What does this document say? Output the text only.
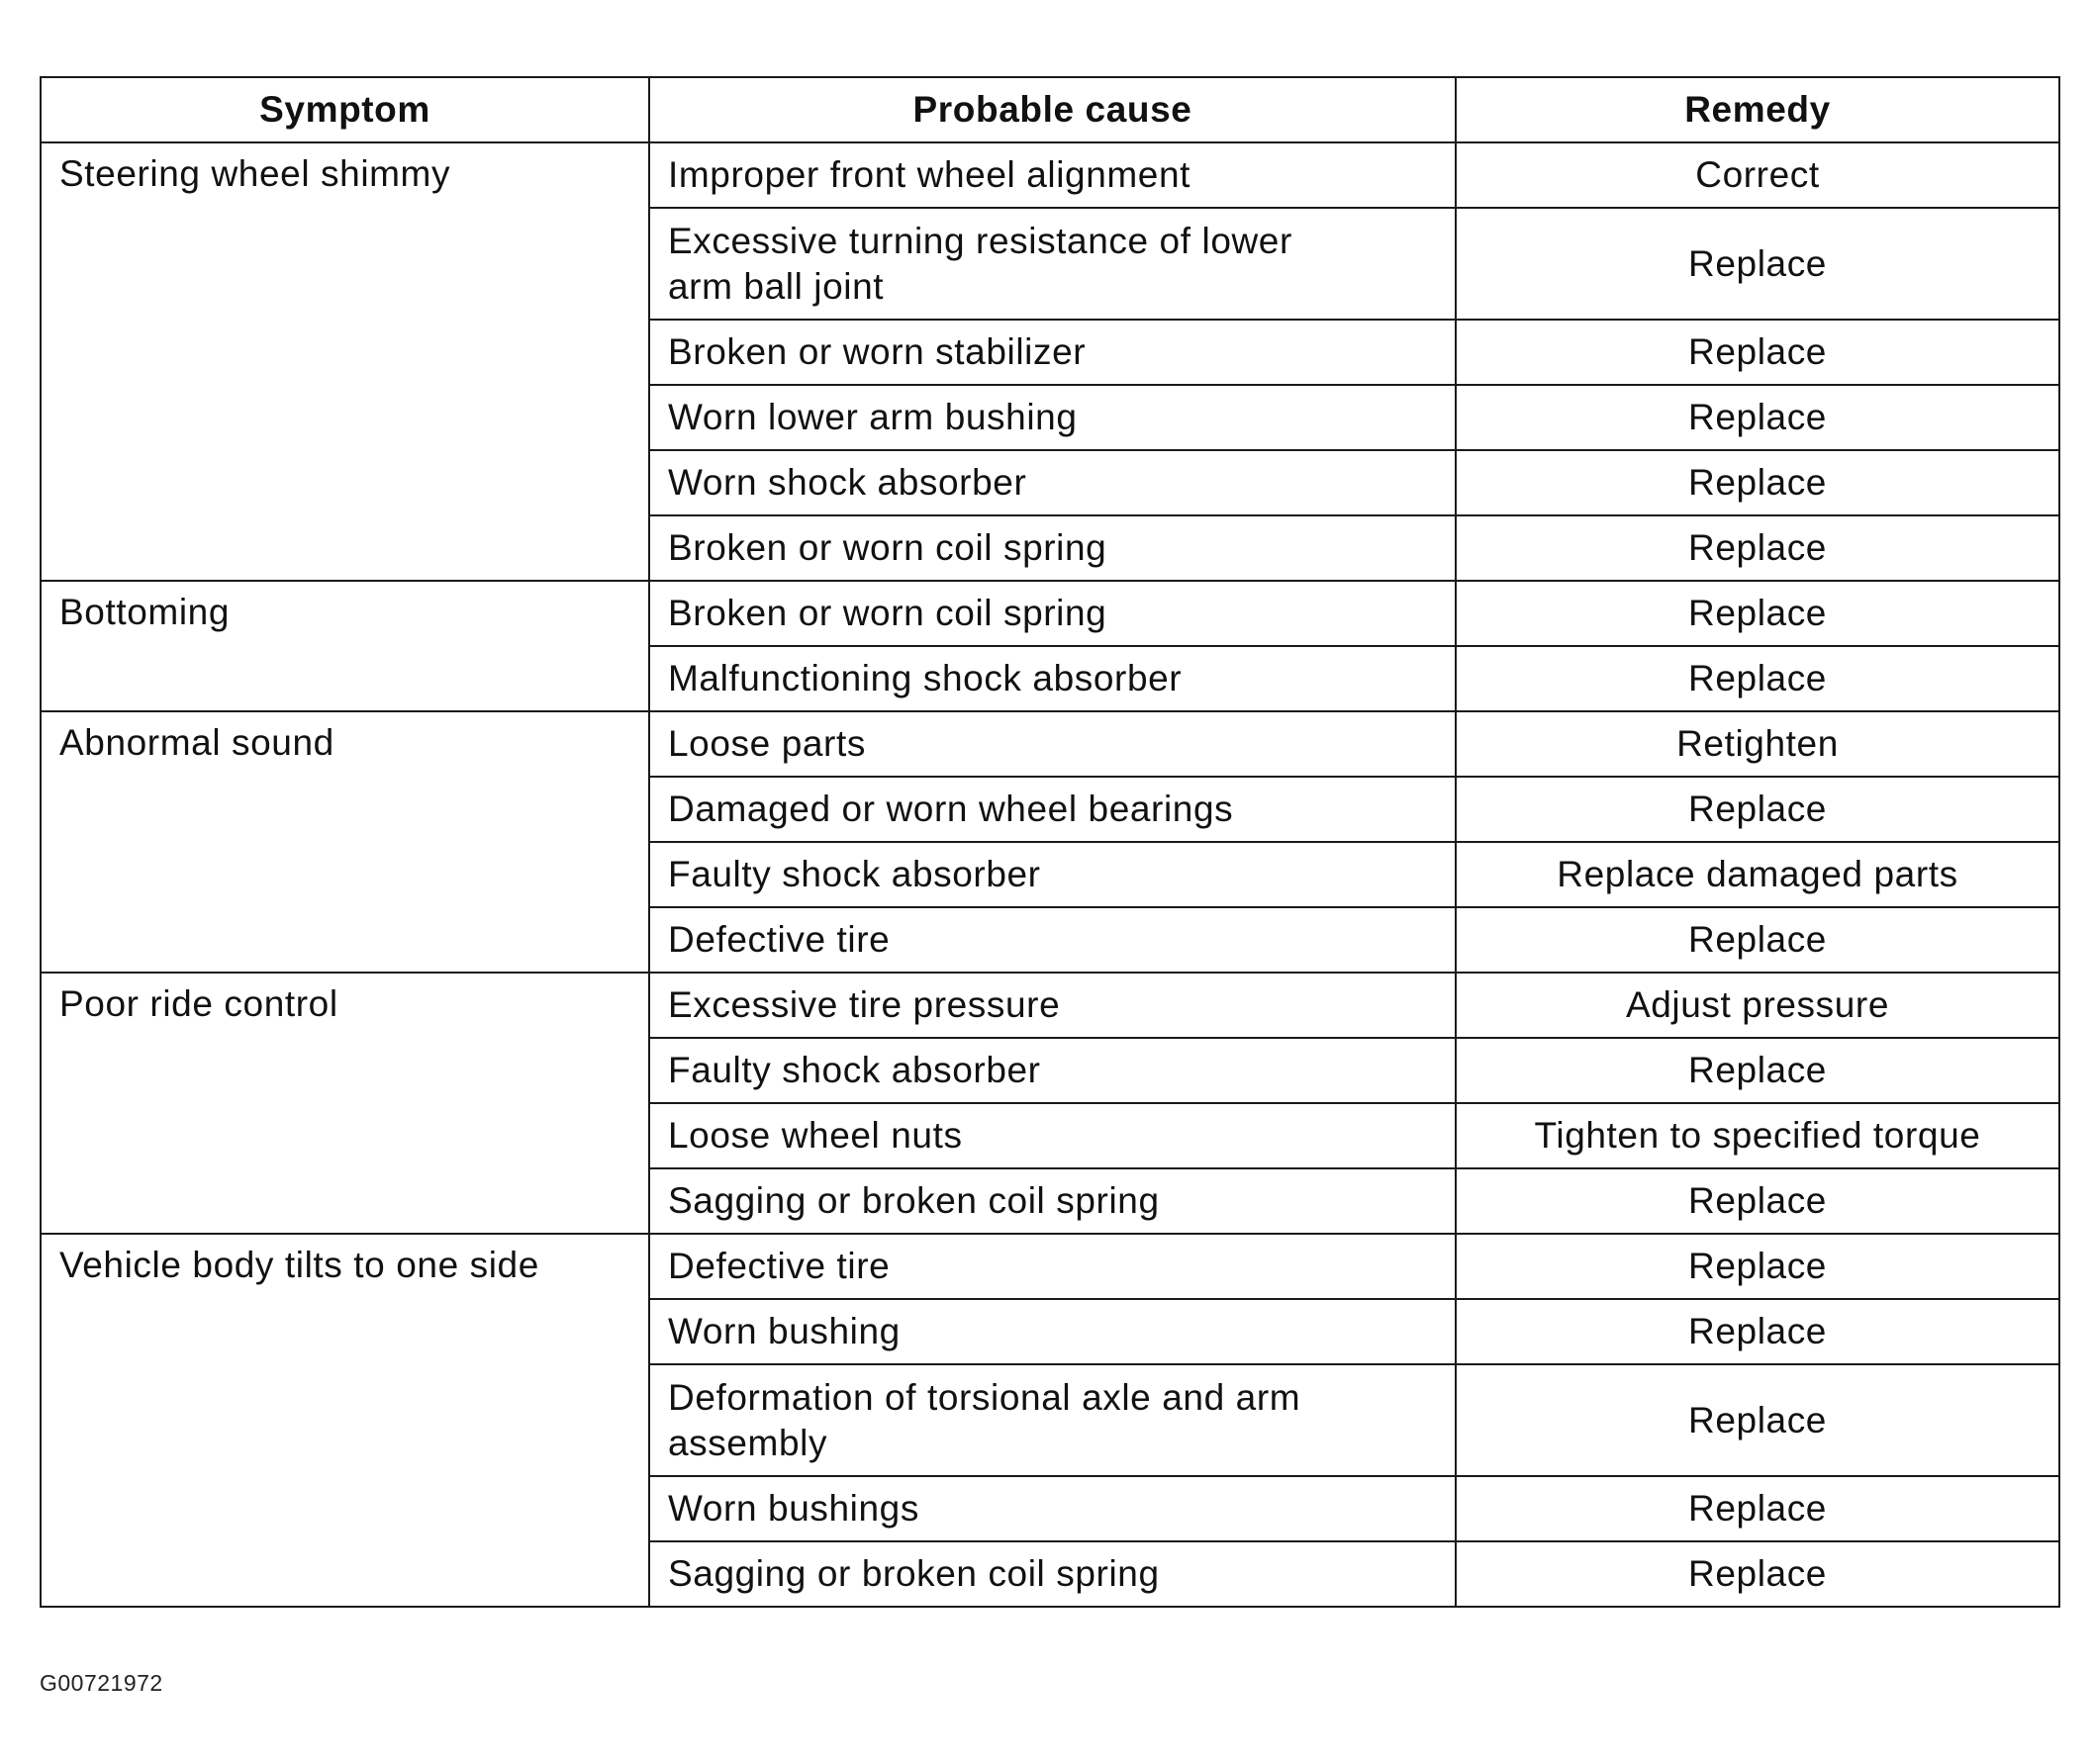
Symptom	Probable cause	Remedy
Steering wheel shimmy	Improper front wheel alignment	Correct

	Excessive turning resistance of lower arm ball joint	Replace

	Broken or worn stabilizer	Replace

	Worn lower arm bushing	Replace

	Worn shock absorber	Replace

	Broken or worn coil spring	Replace
Bottoming	Broken or worn coil spring	Replace

	Malfunctioning shock absorber	Replace
Abnormal sound	Loose parts	Retighten

	Damaged or worn wheel bearings	Replace

	Faulty shock absorber	Replace damaged parts

	Defective tire	Replace
Poor ride control	Excessive tire pressure	Adjust pressure

	Faulty shock absorber	Replace

	Loose wheel nuts	Tighten to specified torque

	Sagging or broken coil spring	Replace
Vehicle body tilts to one side	Defective tire	Replace

	Worn bushing	Replace

	Deformation of torsional axle and arm assembly	Replace

	Worn bushings	Replace

	Sagging or broken coil spring	Replace
G00721972
